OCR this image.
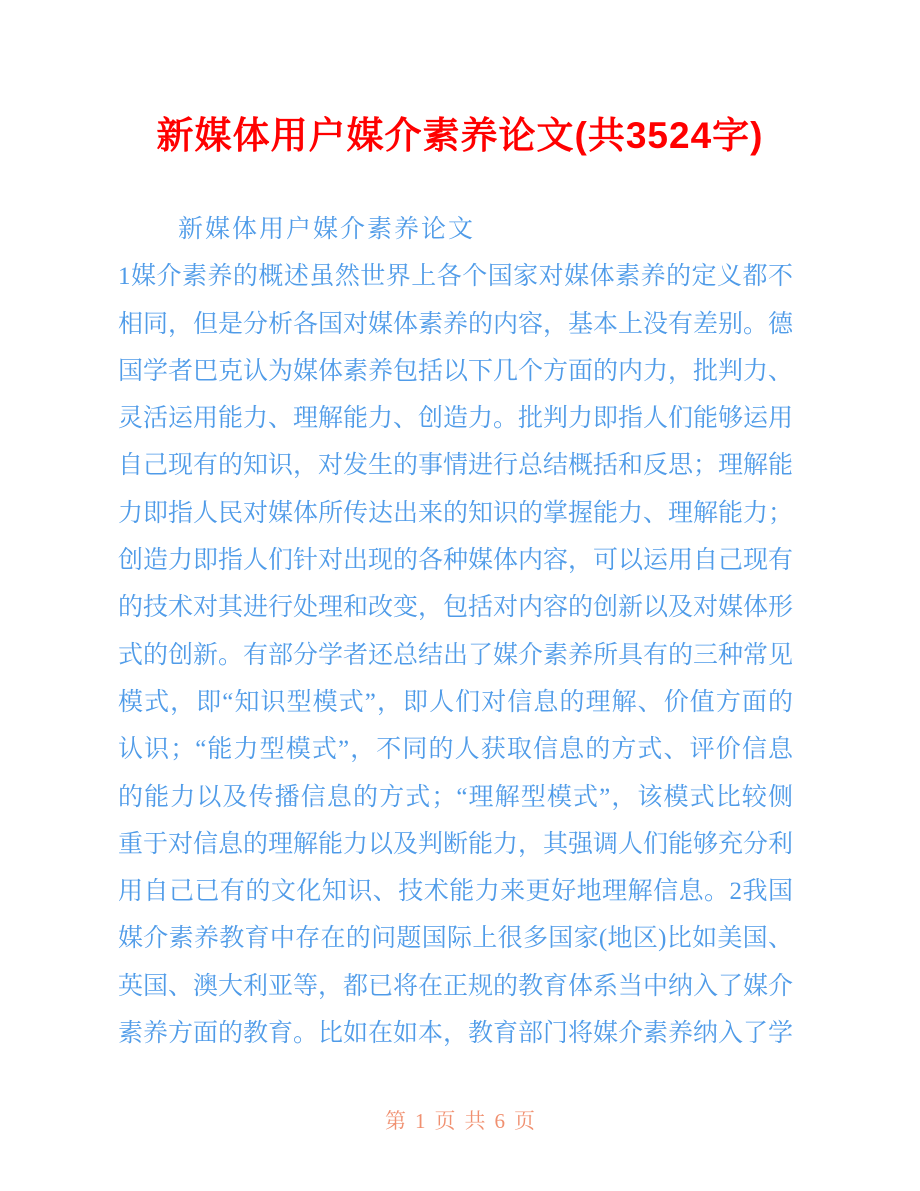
新媒体用户媒介素养论文(共3524字)
新媒体用户媒介素养论文
1媒介素养的概述虽然世界上各个国家对媒体素养的定义都不
相同，但是分析各国对媒体素养的内容，基本上没有差别。德
国学者巴克认为媒体素养包括以下几个方面的内力，批判力、
灵活运用能力、理解能力、创造力。批判力即指人们能够运用
自己现有的知识，对发生的事情进行总结概括和反思；理解能
力即指人民对媒体所传达出来的知识的掌握能力、理解能力；
创造力即指人们针对出现的各种媒体内容，可以运用自己现有
的技术对其进行处理和改变，包括对内容的创新以及对媒体形
式的创新。有部分学者还总结出了媒介素养所具有的三种常见
模式，即“知识型模式”，即人们对信息的理解、价值方面的
认识；“能力型模式”，不同的人获取信息的方式、评价信息
的能力以及传播信息的方式；“理解型模式”，该模式比较侧
重于对信息的理解能力以及判断能力，其强调人们能够充分利
用自己已有的文化知识、技术能力来更好地理解信息。2我国
媒介素养教育中存在的问题国际上很多国家(地区)比如美国、
英国、澳大利亚等，都已将在正规的教育体系当中纳入了媒介
素养方面的教育。比如在如本，教育部门将媒介素养纳入了学
第 1 页 共 6 页
